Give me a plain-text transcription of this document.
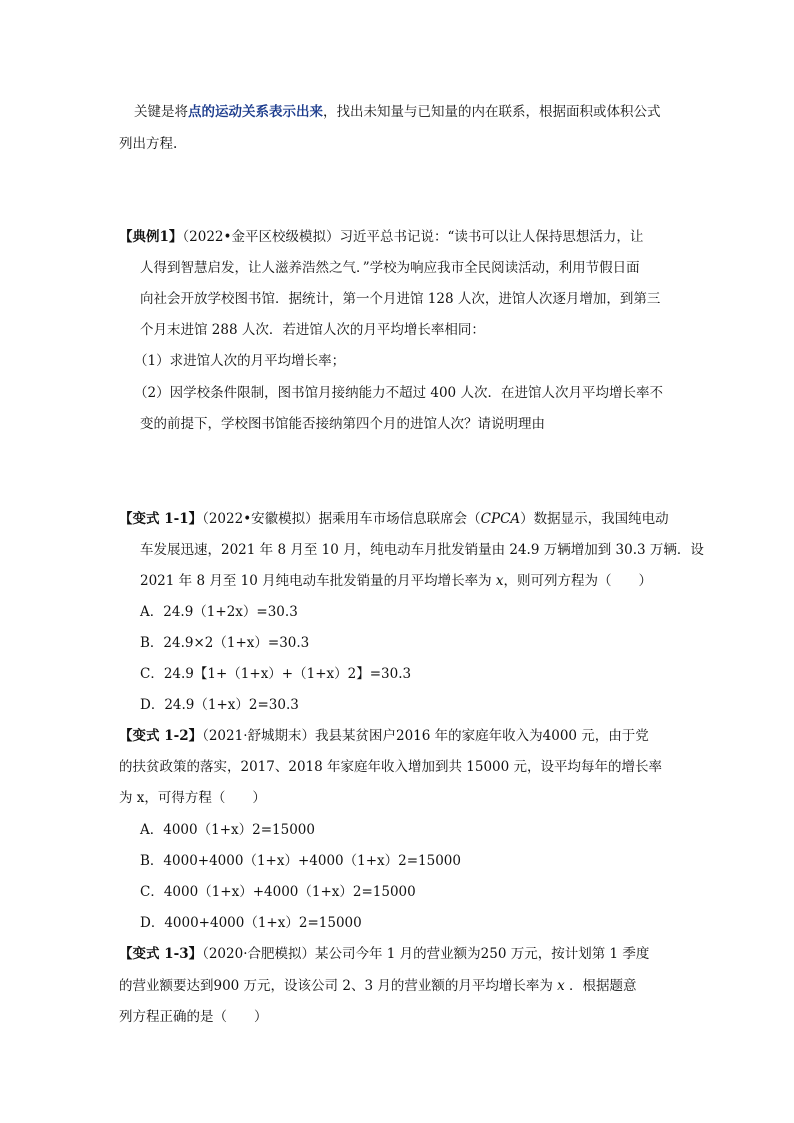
关键是将点的运动关系表示出来，找出未知量与已知量的内在联系，根据面积或体积公式
列出方程.
【典例1】（2022•金平区校级模拟）习近平总书记说：“读书可以让人保持思想活力，让
人得到智慧启发，让人滋养浩然之气．”学校为响应我市全民阅读活动，利用节假日面
向社会开放学校图书馆．据统计，第一个月进馆 128 人次，进馆人次逐月增加，到第三
个月末进馆 288 人次．若进馆人次的月平均增长率相同：
（1）求进馆人次的月平均增长率；
（2）因学校条件限制，图书馆月接纳能力不超过 400 人次．在进馆人次月平均增长率不
变的前提下，学校图书馆能否接纳第四个月的进馆人次？请说明理由
【变式 1-1】（2022•安徽模拟）据乘用车市场信息联席会（CPCA）数据显示，我国纯电动
车发展迅速，2021 年 8 月至 10 月，纯电动车月批发销量由 24.9 万辆增加到 30.3 万辆．设
2021 年 8 月至 10 月纯电动车批发销量的月平均增长率为 x，则可列方程为（　　）
A．24.9（1+2x）=30.3
B．24.9×2（1+x）=30.3
C．24.9【1+（1+x）+（1+x）2】=30.3
D．24.9（1+x）2=30.3
【变式 1-2】（2021·舒城期末）我县某贫困户2016 年的家庭年收入为4000 元，由于党
的扶贫政策的落实，2017、2018 年家庭年收入增加到共 15000 元，设平均每年的增长率
为 x，可得方程（　　）
A．4000（1+x）2=15000
B．4000+4000（1+x）+4000（1+x）2=15000
C．4000（1+x）+4000（1+x）2=15000
D．4000+4000（1+x）2=15000
【变式 1-3】（2020·合肥模拟）某公司今年 1 月的营业额为250 万元，按计划第 1 季度
的营业额要达到900 万元，设该公司 2、3 月的营业额的月平均增长率为 x ．根据题意
列方程正确的是（　　）
